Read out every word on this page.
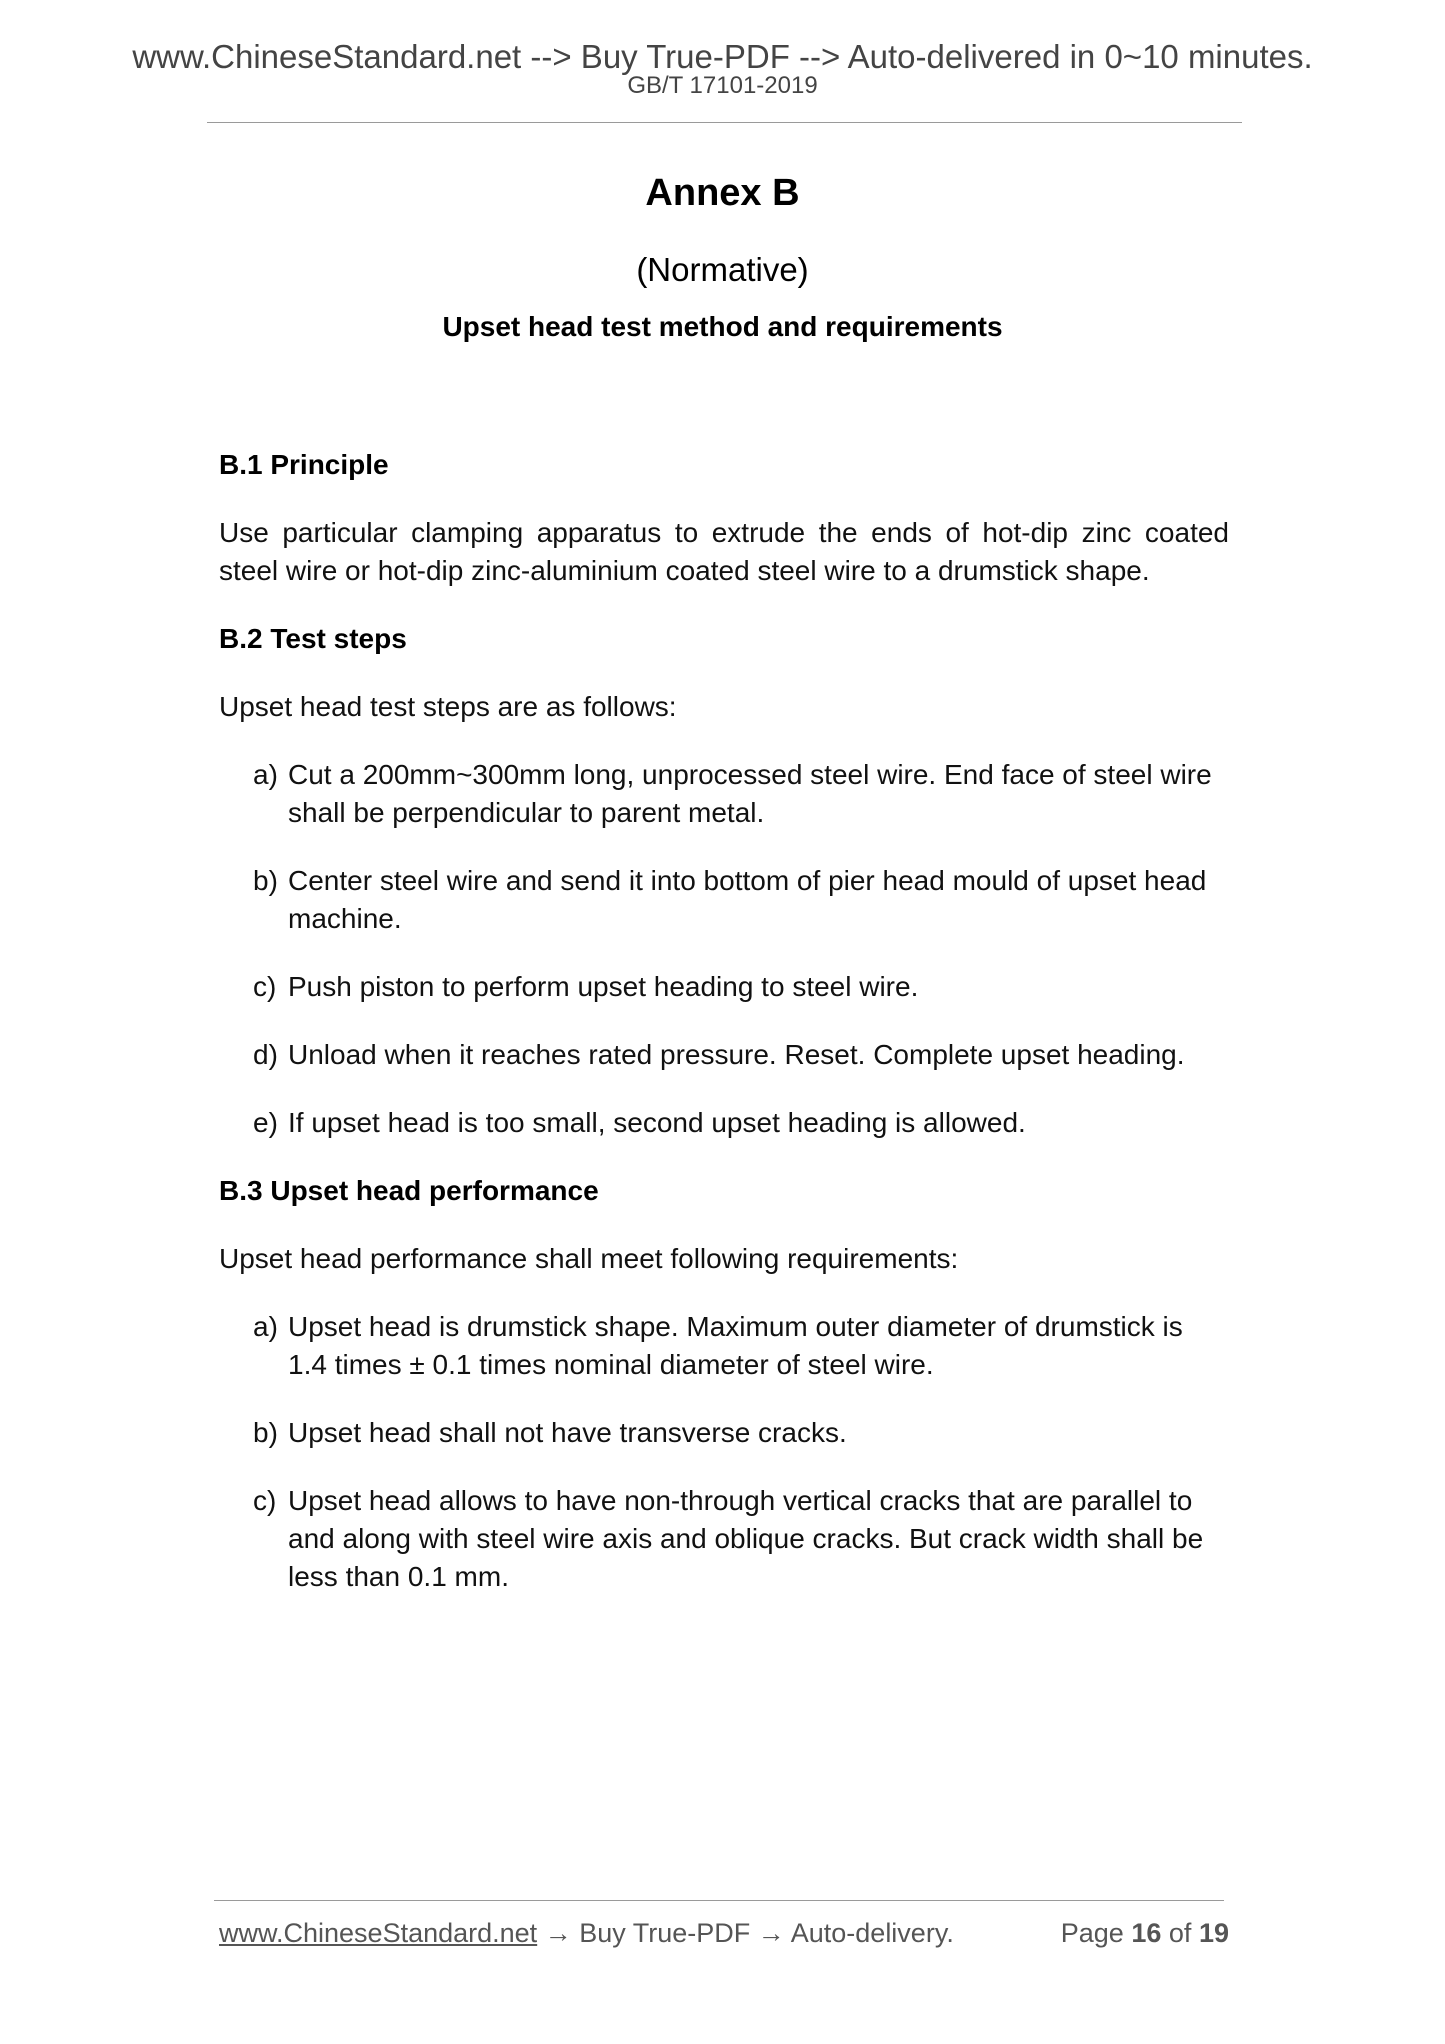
www.ChineseStandard.net --> Buy True-PDF --> Auto-delivered in 0~10 minutes.
GB/T 17101-2019
Annex B
(Normative)
Upset head test method and requirements
B.1 Principle
Use particular clamping apparatus to extrude the ends of hot-dip zinc coated steel wire or hot-dip zinc-aluminium coated steel wire to a drumstick shape.
B.2 Test steps
Upset head test steps are as follows:
a) Cut a 200mm~300mm long, unprocessed steel wire. End face of steel wire shall be perpendicular to parent metal.
b) Center steel wire and send it into bottom of pier head mould of upset head machine.
c) Push piston to perform upset heading to steel wire.
d) Unload when it reaches rated pressure. Reset. Complete upset heading.
e) If upset head is too small, second upset heading is allowed.
B.3 Upset head performance
Upset head performance shall meet following requirements:
a) Upset head is drumstick shape. Maximum outer diameter of drumstick is 1.4 times ± 0.1 times nominal diameter of steel wire.
b) Upset head shall not have transverse cracks.
c) Upset head allows to have non-through vertical cracks that are parallel to and along with steel wire axis and oblique cracks. But crack width shall be less than 0.1 mm.
www.ChineseStandard.net → Buy True-PDF → Auto-delivery.	Page 16 of 19
